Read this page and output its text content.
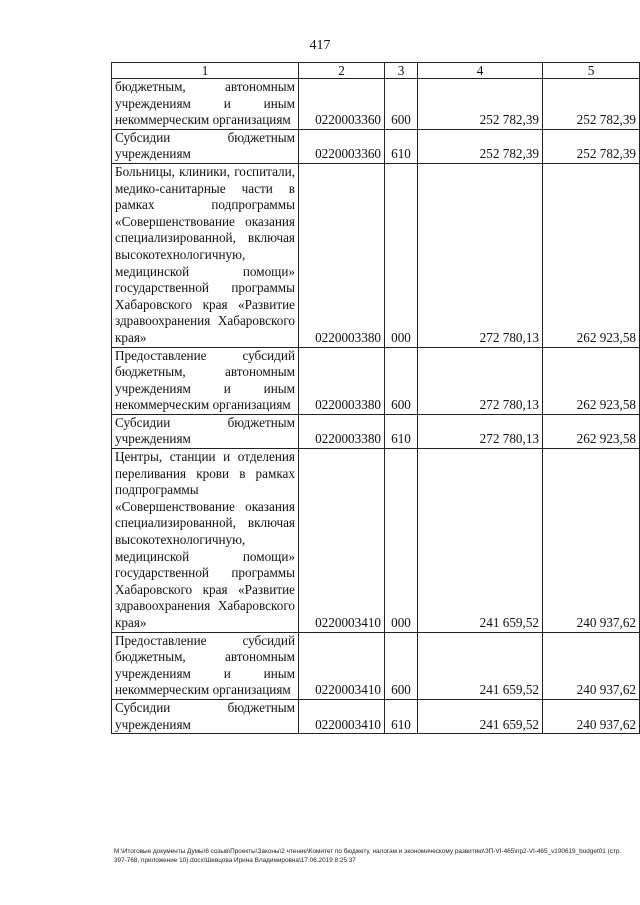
417
1	2	3	4	5
бюджетным, автономным учреждениям и иным некоммерческим организациям	0220003360	600	252 782,39	252 782,39
Субсидии бюджетным учреждениям	0220003360	610	252 782,39	252 782,39
Больницы, клиники, госпитали, медико-санитарные части в рамках подпрограммы «Совершенствование оказания специализированной, включая высокотехнологичную, медицинской помощи» государственной программы Хабаровского края «Развитие здравоохранения Хабаровского края»	0220003380	000	272 780,13	262 923,58
Предоставление субсидий бюджетным, автономным учреждениям и иным некоммерческим организациям	0220003380	600	272 780,13	262 923,58
Субсидии бюджетным учреждениям	0220003380	610	272 780,13	262 923,58
Центры, станции и отделения переливания крови в рамках подпрограммы «Совершенствование оказания специализированной, включая высокотехнологичную, медицинской помощи» государственной программы Хабаровского края «Развитие здравоохранения Хабаровского края»	0220003410	000	241 659,52	240 937,62
Предоставление субсидий бюджетным, автономным учреждениям и иным некоммерческим организациям	0220003410	600	241 659,52	240 937,62
Субсидии бюджетным учреждениям	0220003410	610	241 659,52	240 937,62
M:\Итоговые документы Думы\6 созыв\Проекты\Законы\2 чтение\Комитет по бюджету, налогам и экономическому развитию\ЗП-VI-465\пр2-VI-465_v190619_budget01 (стр.397-768, приложение 10).docx\Шевцова Ирина Владимировна\17.06.2019 8:25:37
